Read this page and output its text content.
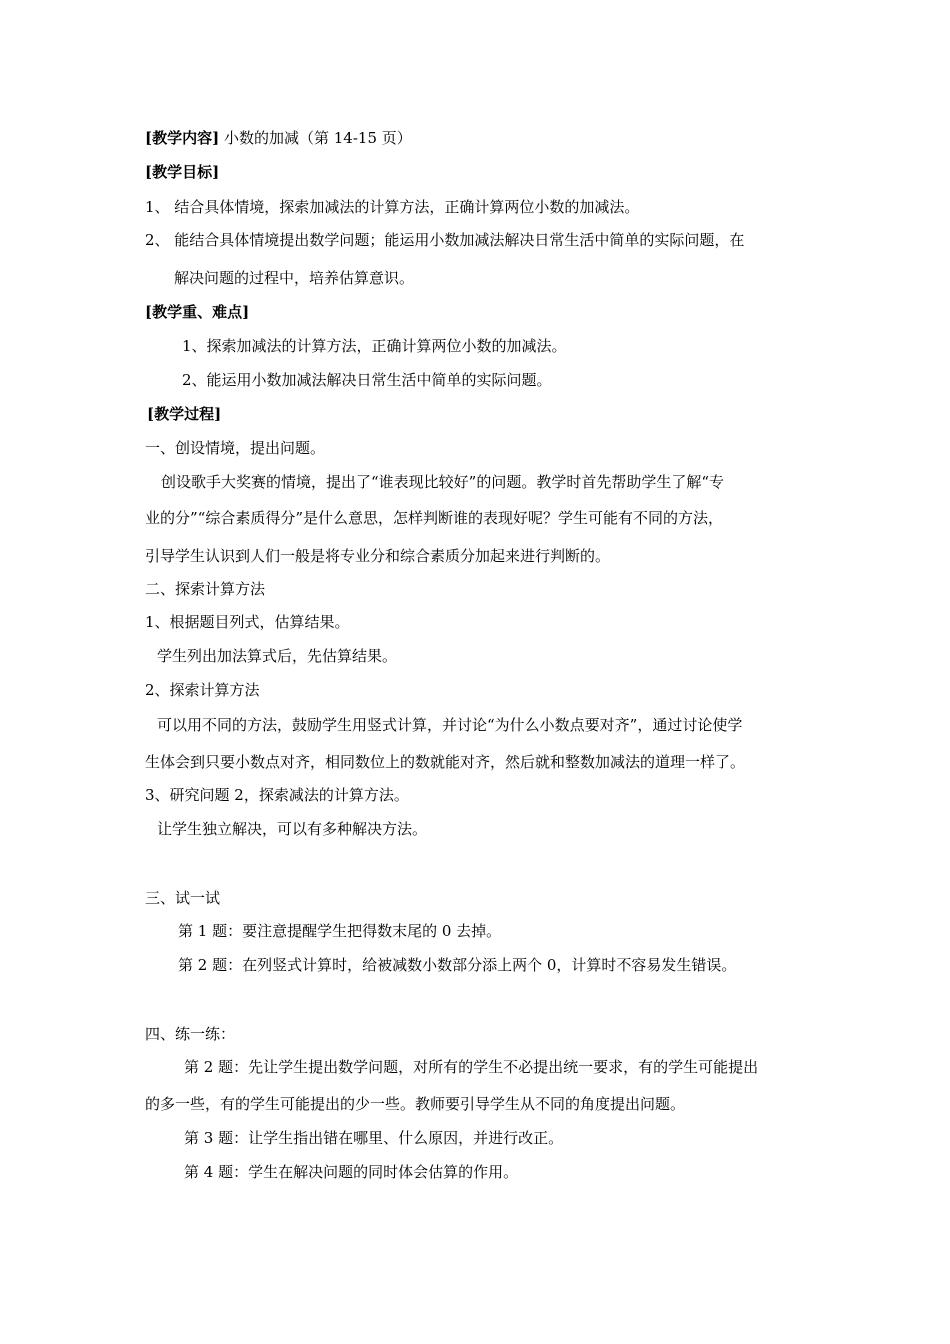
[教学内容] 小数的加减（第 14-15 页）
[教学目标]
1、 结合具体情境，探索加减法的计算方法，正确计算两位小数的加减法。
2、 能结合具体情境提出数学问题；能运用小数加减法解决日常生活中简单的实际问题，在
解决问题的过程中，培养估算意识。
[教学重、难点]
1、探索加减法的计算方法，正确计算两位小数的加减法。
2、能运用小数加减法解决日常生活中简单的实际问题。
[教学过程]
一、创设情境，提出问题。
创设歌手大奖赛的情境，提出了“谁表现比较好”的问题。教学时首先帮助学生了解“专
业的分”“综合素质得分”是什么意思，怎样判断谁的表现好呢？学生可能有不同的方法，
引导学生认识到人们一般是将专业分和综合素质分加起来进行判断的。
二、探索计算方法
1、根据题目列式，估算结果。
学生列出加法算式后，先估算结果。
2、探索计算方法
可以用不同的方法，鼓励学生用竖式计算，并讨论“为什么小数点要对齐”，通过讨论使学
生体会到只要小数点对齐，相同数位上的数就能对齐，然后就和整数加减法的道理一样了。
3、研究问题 2，探索减法的计算方法。
让学生独立解决，可以有多种解决方法。
三、试一试
第 1 题：要注意提醒学生把得数末尾的 0 去掉。
第 2 题：在列竖式计算时，给被减数小数部分添上两个 0，计算时不容易发生错误。
四、练一练：
第 2 题：先让学生提出数学问题，对所有的学生不必提出统一要求，有的学生可能提出
的多一些，有的学生可能提出的少一些。教师要引导学生从不同的角度提出问题。
第 3 题：让学生指出错在哪里、什么原因，并进行改正。
第 4 题：学生在解决问题的同时体会估算的作用。
